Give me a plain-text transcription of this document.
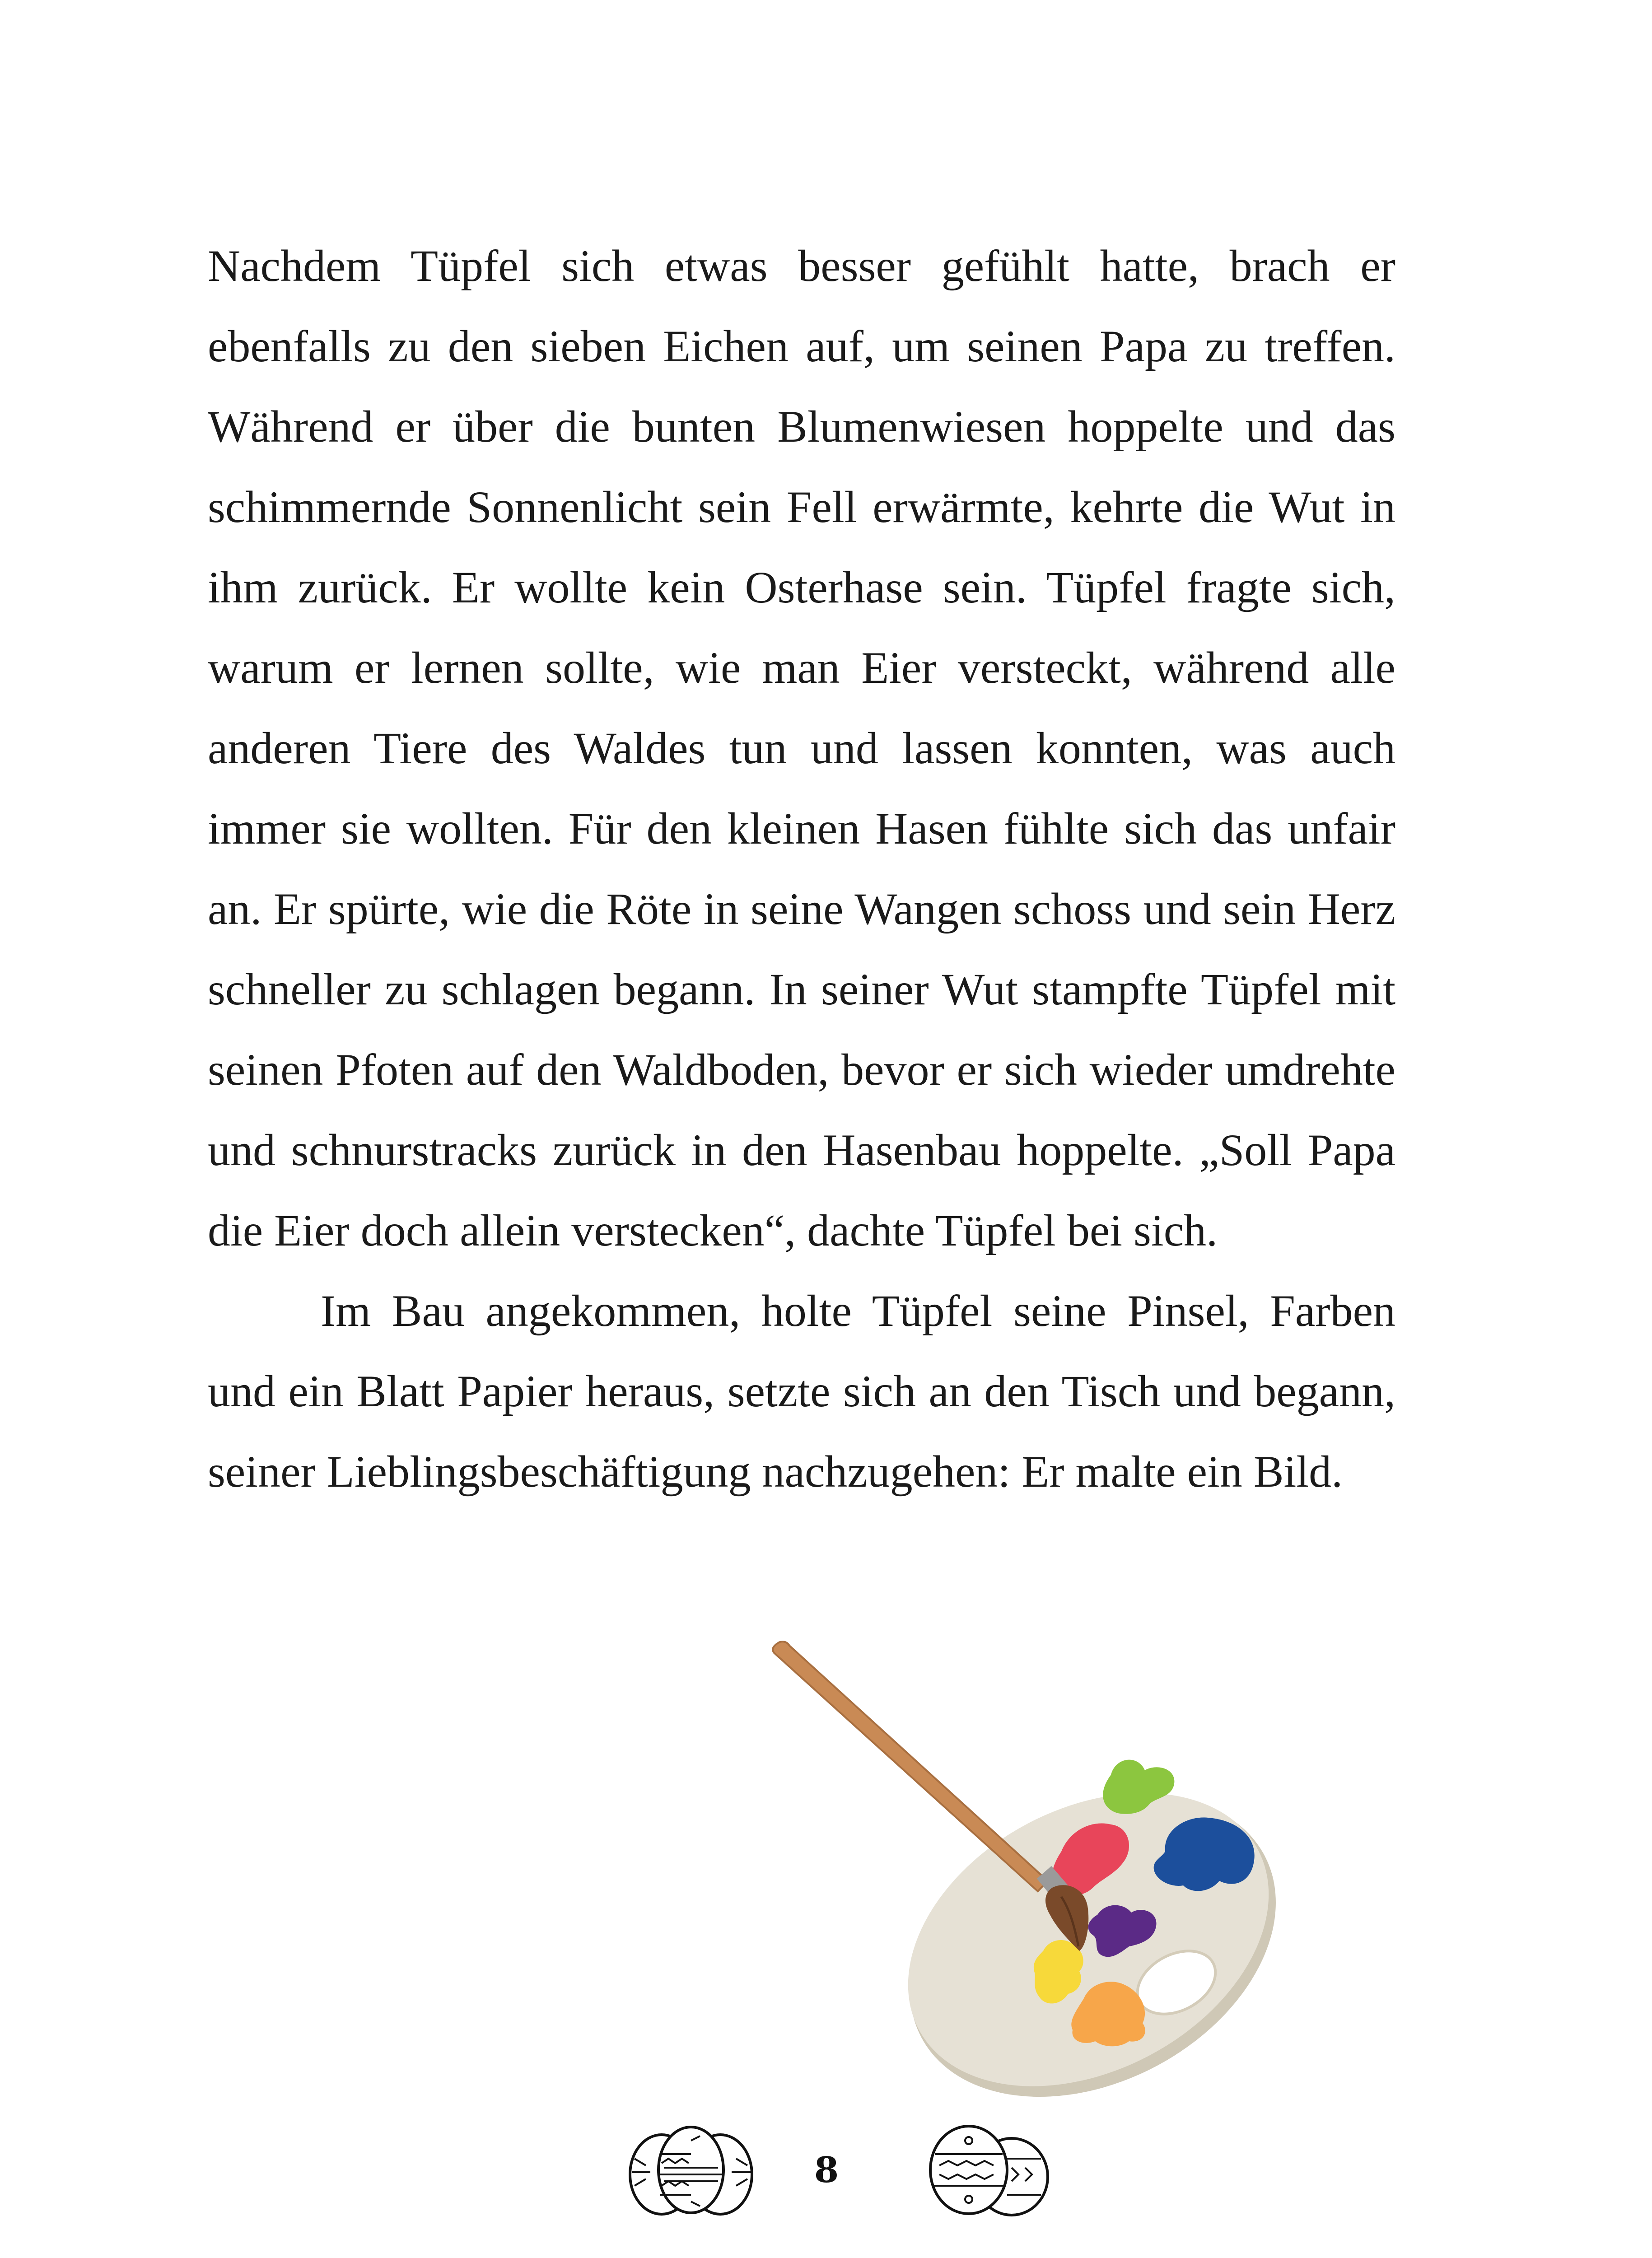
Nachdem Tüpfel sich etwas besser gefühlt hatte, brach er ebenfalls zu den sieben Eichen auf, um seinen Papa zu treffen. Während er über die bunten Blumenwiesen hoppelte und das schimmernde Sonnenlicht sein Fell erwärmte, kehrte die Wut in ihm zurück. Er wollte kein Osterhase sein. Tüpfel fragte sich, warum er lernen sollte, wie man Eier versteckt, während alle anderen Tiere des Waldes tun und lassen konnten, was auch immer sie wollten. Für den kleinen Hasen fühlte sich das unfair an. Er spürte, wie die Röte in seine Wangen schoss und sein Herz schneller zu schlagen begann. In seiner Wut stampfte Tüpfel mit seinen Pfoten auf den Waldboden, bevor er sich wieder umdrehte und schnurstracks zurück in den Hasenbau hoppelte. „Soll Papa die Eier doch allein verstecken“, dachte Tüpfel bei sich.

Im Bau angekommen, holte Tüpfel seine Pinsel, Farben und ein Blatt Papier heraus, setzte sich an den Tisch und begann, seiner Lieblingsbeschäftigung nachzugehen: Er malte ein Bild.

8
